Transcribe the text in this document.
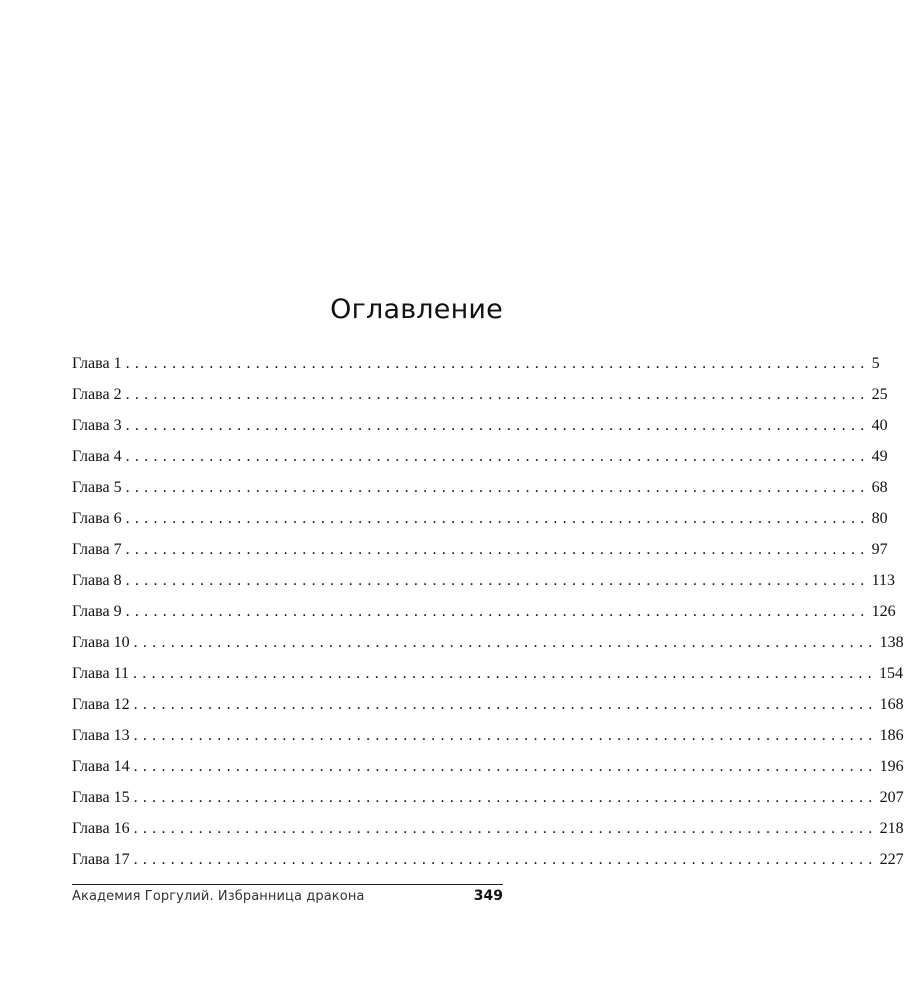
Оглавление
Глава 1 ................................................................................ 5
Глава 2 ................................................................................ 25
Глава 3 ................................................................................ 40
Глава 4 ................................................................................ 49
Глава 5 ................................................................................ 68
Глава 6 ................................................................................ 80
Глава 7 ................................................................................ 97
Глава 8 ................................................................................ 113
Глава 9 ................................................................................ 126
Глава 10 ................................................................................ 138
Глава 11 ................................................................................ 154
Глава 12 ................................................................................ 168
Глава 13 ................................................................................ 186
Глава 14 ................................................................................ 196
Глава 15 ................................................................................ 207
Глава 16 ................................................................................ 218
Глава 17 ................................................................................ 227
Академия Горгулий. Избранница дракона	349
